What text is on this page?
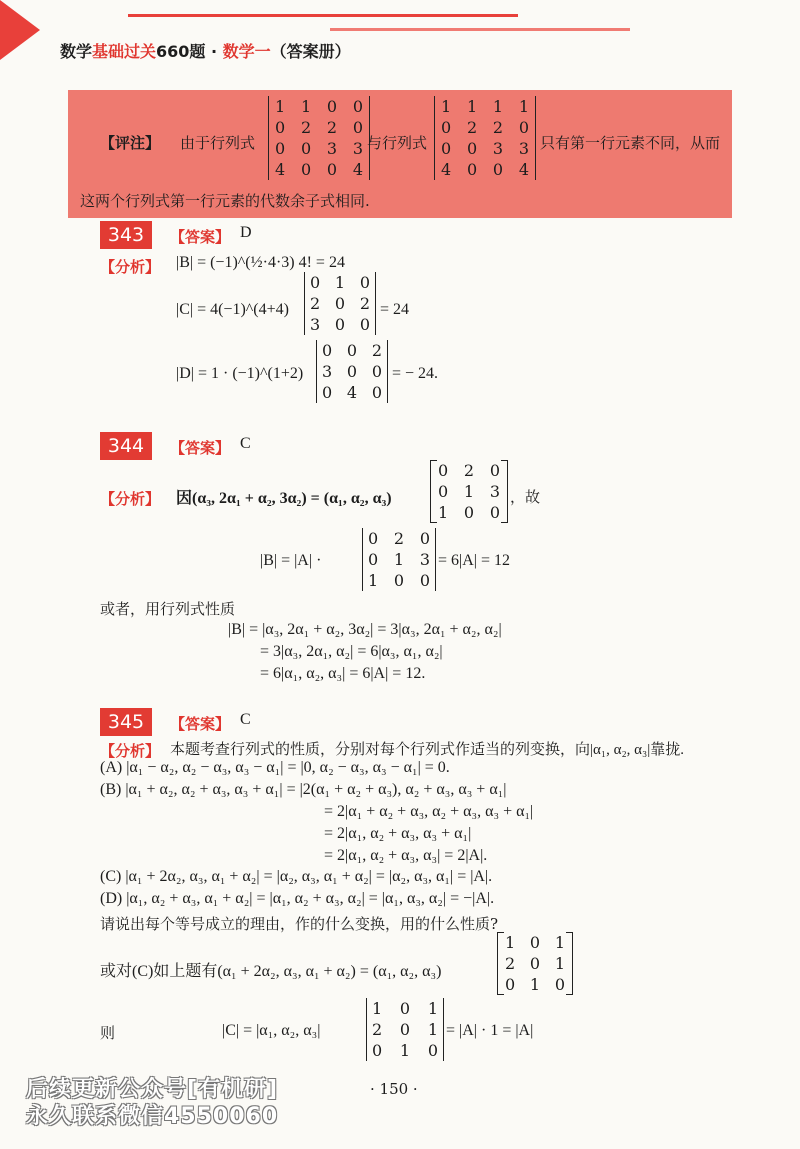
数学基础过关660题 · 数学一（答案册）
【评注】 由于行列式
1 1 0 0
0 2 2 0
0 0 3 3
4 0 0 4
与行列式
1 1 1 1
0 2 2 0
0 0 3 3
4 0 0 4
只有第一行元素不同，从而
这两个行列式第一行元素的代数余子式相同.
343	【答案】 D
【分析】 |B| = (−1)^(½·4·3) 4! = 24
|C| = 4(−1)^(4+4)
0 1 0
2 0 2
3 0 0
= 24
|D| = 1 · (−1)^(1+2)
0 0 2
3 0 0
0 4 0
= − 24.
344	【答案】 C
【分析】 因(α₃, 2α₁ + α₂, 3α₂) = (α₁, α₂, α₃)
0 2 0
0 1 3
1 0 0
，故
|B| = |A| ·
0 2 0
0 1 3
1 0 0
= 6|A| = 12
或者，用行列式性质
|B| = |α₃, 2α₁ + α₂, 3α₂| = 3|α₃, 2α₁ + α₂, α₂|
= 3|α₃, 2α₁, α₂| = 6|α₃, α₁, α₂|
= 6|α₁, α₂, α₃| = 6|A| = 12.
345	【答案】 C
【分析】 本题考查行列式的性质，分别对每个行列式作适当的列变换，向|α₁, α₂, α₃|靠拢.
(A) |α₁ − α₂, α₂ − α₃, α₃ − α₁| = |0, α₂ − α₃, α₃ − α₁| = 0.
(B) |α₁ + α₂, α₂ + α₃, α₃ + α₁| = |2(α₁ + α₂ + α₃), α₂ + α₃, α₃ + α₁|
= 2|α₁ + α₂ + α₃, α₂ + α₃, α₃ + α₁|
= 2|α₁, α₂ + α₃, α₃ + α₁|
= 2|α₁, α₂ + α₃, α₃| = 2|A|.
(C) |α₁ + 2α₂, α₃, α₁ + α₂| = |α₂, α₃, α₁ + α₂| = |α₂, α₃, α₁| = |A|.
(D) |α₁, α₂ + α₃, α₁ + α₂| = |α₁, α₂ + α₃, α₂| = |α₁, α₃, α₂| = −|A|.
请说出每个等号成立的理由，作的什么变换，用的什么性质?
或对(C)如上题有(α₁ + 2α₂, α₃, α₁ + α₂) = (α₁, α₂, α₃)
1 0 1
2 0 1
0 1 0
则	|C| = |α₁, α₂, α₃|
1 0 1
2 0 1
0 1 0
= |A| · 1 = |A|
· 150 ·
后续更新公众号[有机研]
永久联系微信4550060
